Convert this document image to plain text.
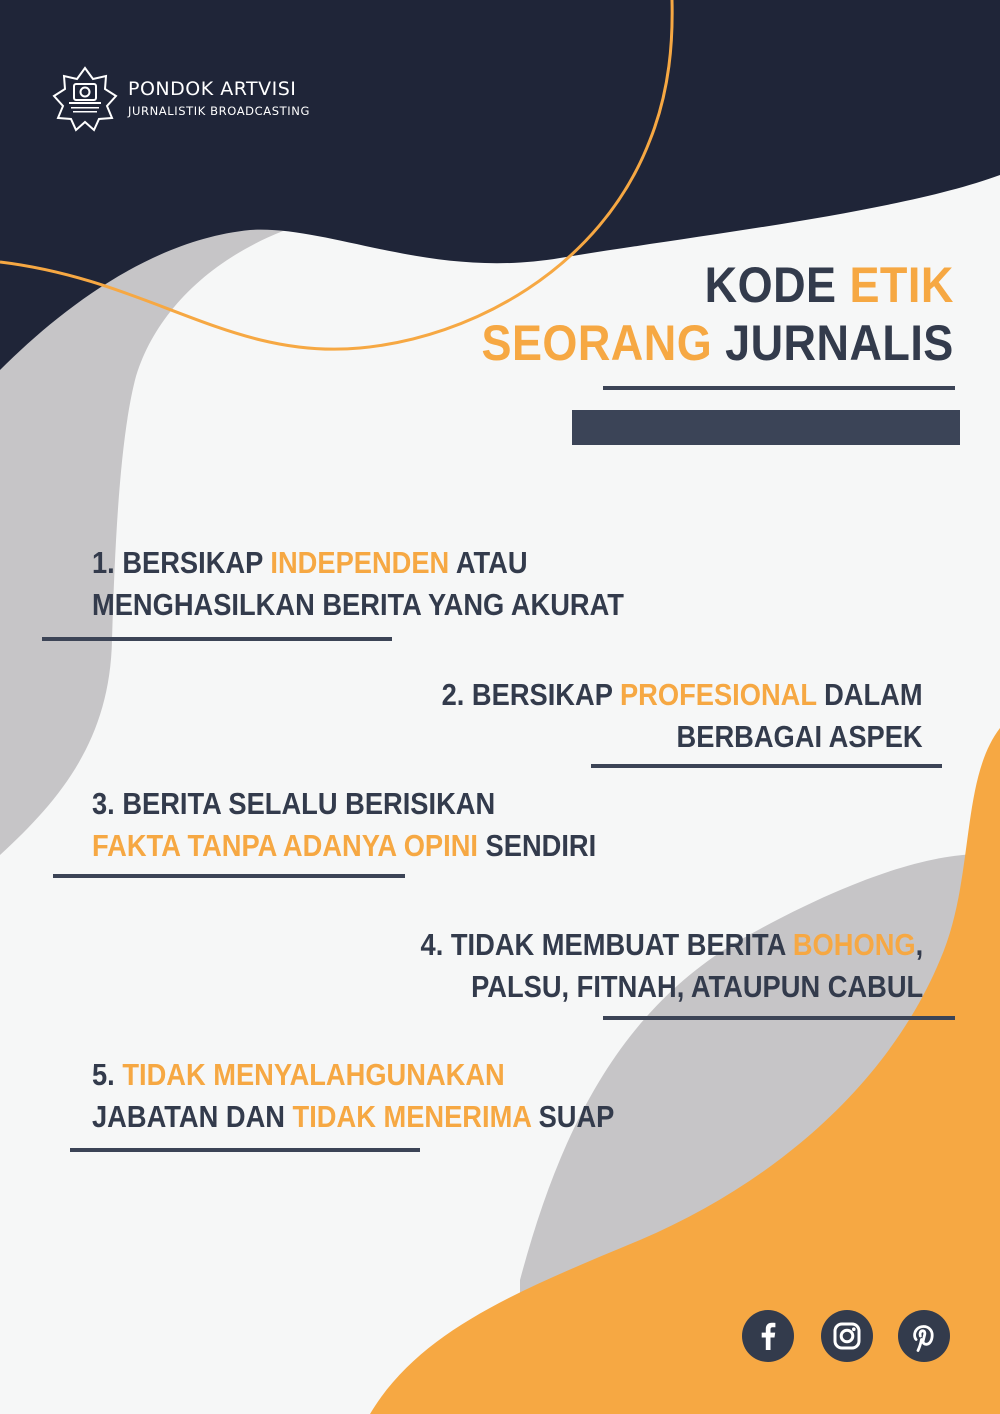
PONDOK ARTVISI
JURNALISTIK BROADCASTING
KODE ETIK
SEORANG JURNALIS
1. BERSIKAP INDEPENDEN ATAU
MENGHASILKAN BERITA YANG AKURAT
2. BERSIKAP PROFESIONAL DALAM
BERBAGAI ASPEK
3. BERITA SELALU BERISIKAN
FAKTA TANPA ADANYA OPINI SENDIRI
4. TIDAK MEMBUAT BERITA BOHONG,
PALSU, FITNAH, ATAUPUN CABUL
5. TIDAK MENYALAHGUNAKAN
JABATAN DAN TIDAK MENERIMA SUAP
